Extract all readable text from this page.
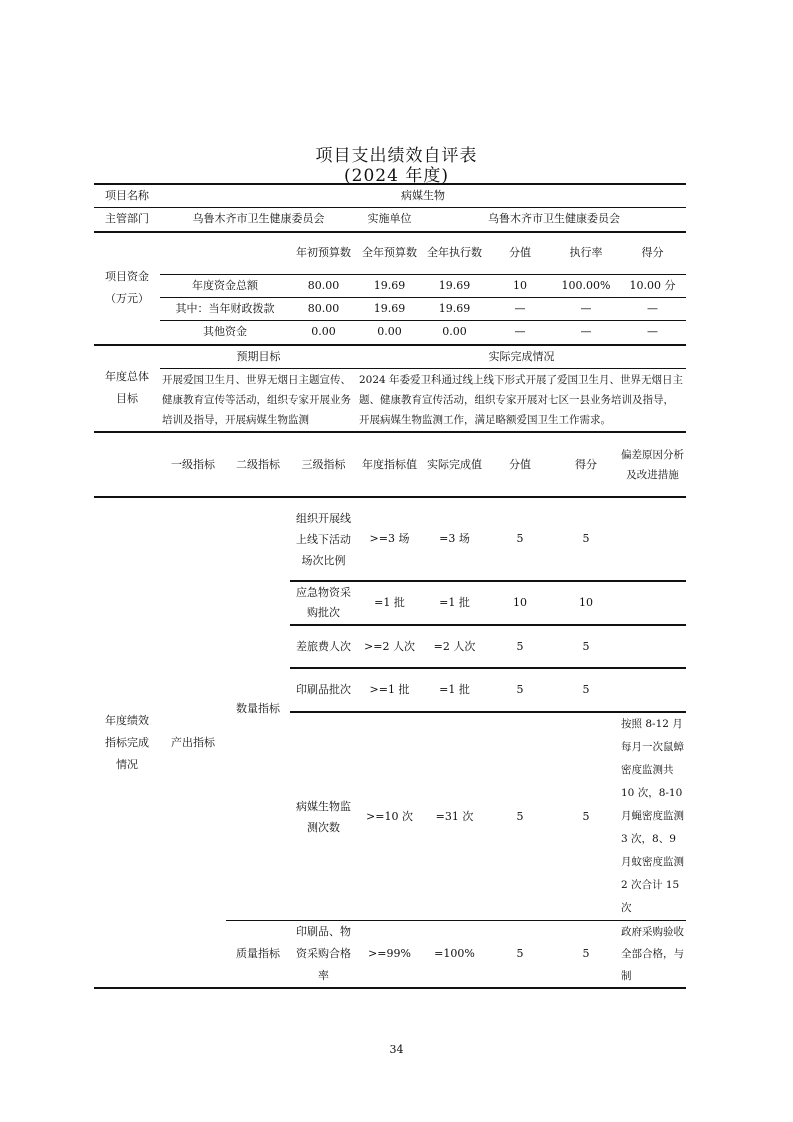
项目支出绩效自评表
(2024 年度)
项目名称	病媒生物							
主管部门	乌鲁木齐市卫生健康委员会			实施单位	乌鲁木齐市卫生健康委员会			
项目资金
（万元）			年初预算数	全年预算数	全年执行数	分值	执行率	得分
	年度资金总额		80.00	19.69	19.69	10	100.00%	10.00 分
	其中：当年财政拨款		80.00	19.69	19.69	—	—	—
	其他资金		0.00	0.00	0.00	—	—	—
年度总体
目标	预期目标			实际完成情况				
	开展爱国卫生月、世界无烟日主题宣传、健康教育宣传等活动，组织专家开展业务培训及指导，开展病媒生物监测			2024 年委爱卫科通过线上线下形式开展了爱国卫生月、世界无烟日主题、健康教育宣传活动，组织专家开展对七区一县业务培训及指导，开展病媒生物监测工作，满足略额爱国卫生工作需求。				
	一级指标	二级指标	三级指标	年度指标值	实际完成值	分值	得分	偏差原因分析及改进措施
年度绩效
指标完成
情况	产出指标	数量指标	组织开展线上线下活动场次比例	>=3 场	=3 场	5	5	
			应急物资采购批次	=1 批	=1 批	10	10	
			差旅费人次	>=2 人次	=2 人次	5	5	
			印刷品批次	>=1 批	=1 批	5	5	
			病媒生物监测次数	>=10 次	=31 次	5	5	按照 8-12 月每月一次鼠蟑密度监测共 10 次，8-10 月蝇密度监测 3 次，8、9 月蚊密度监测 2 次合计 15 次
		质量指标	印刷品、物资采购合格率	>=99%	=100%	5	5	政府采购验收全部合格，与制
34
